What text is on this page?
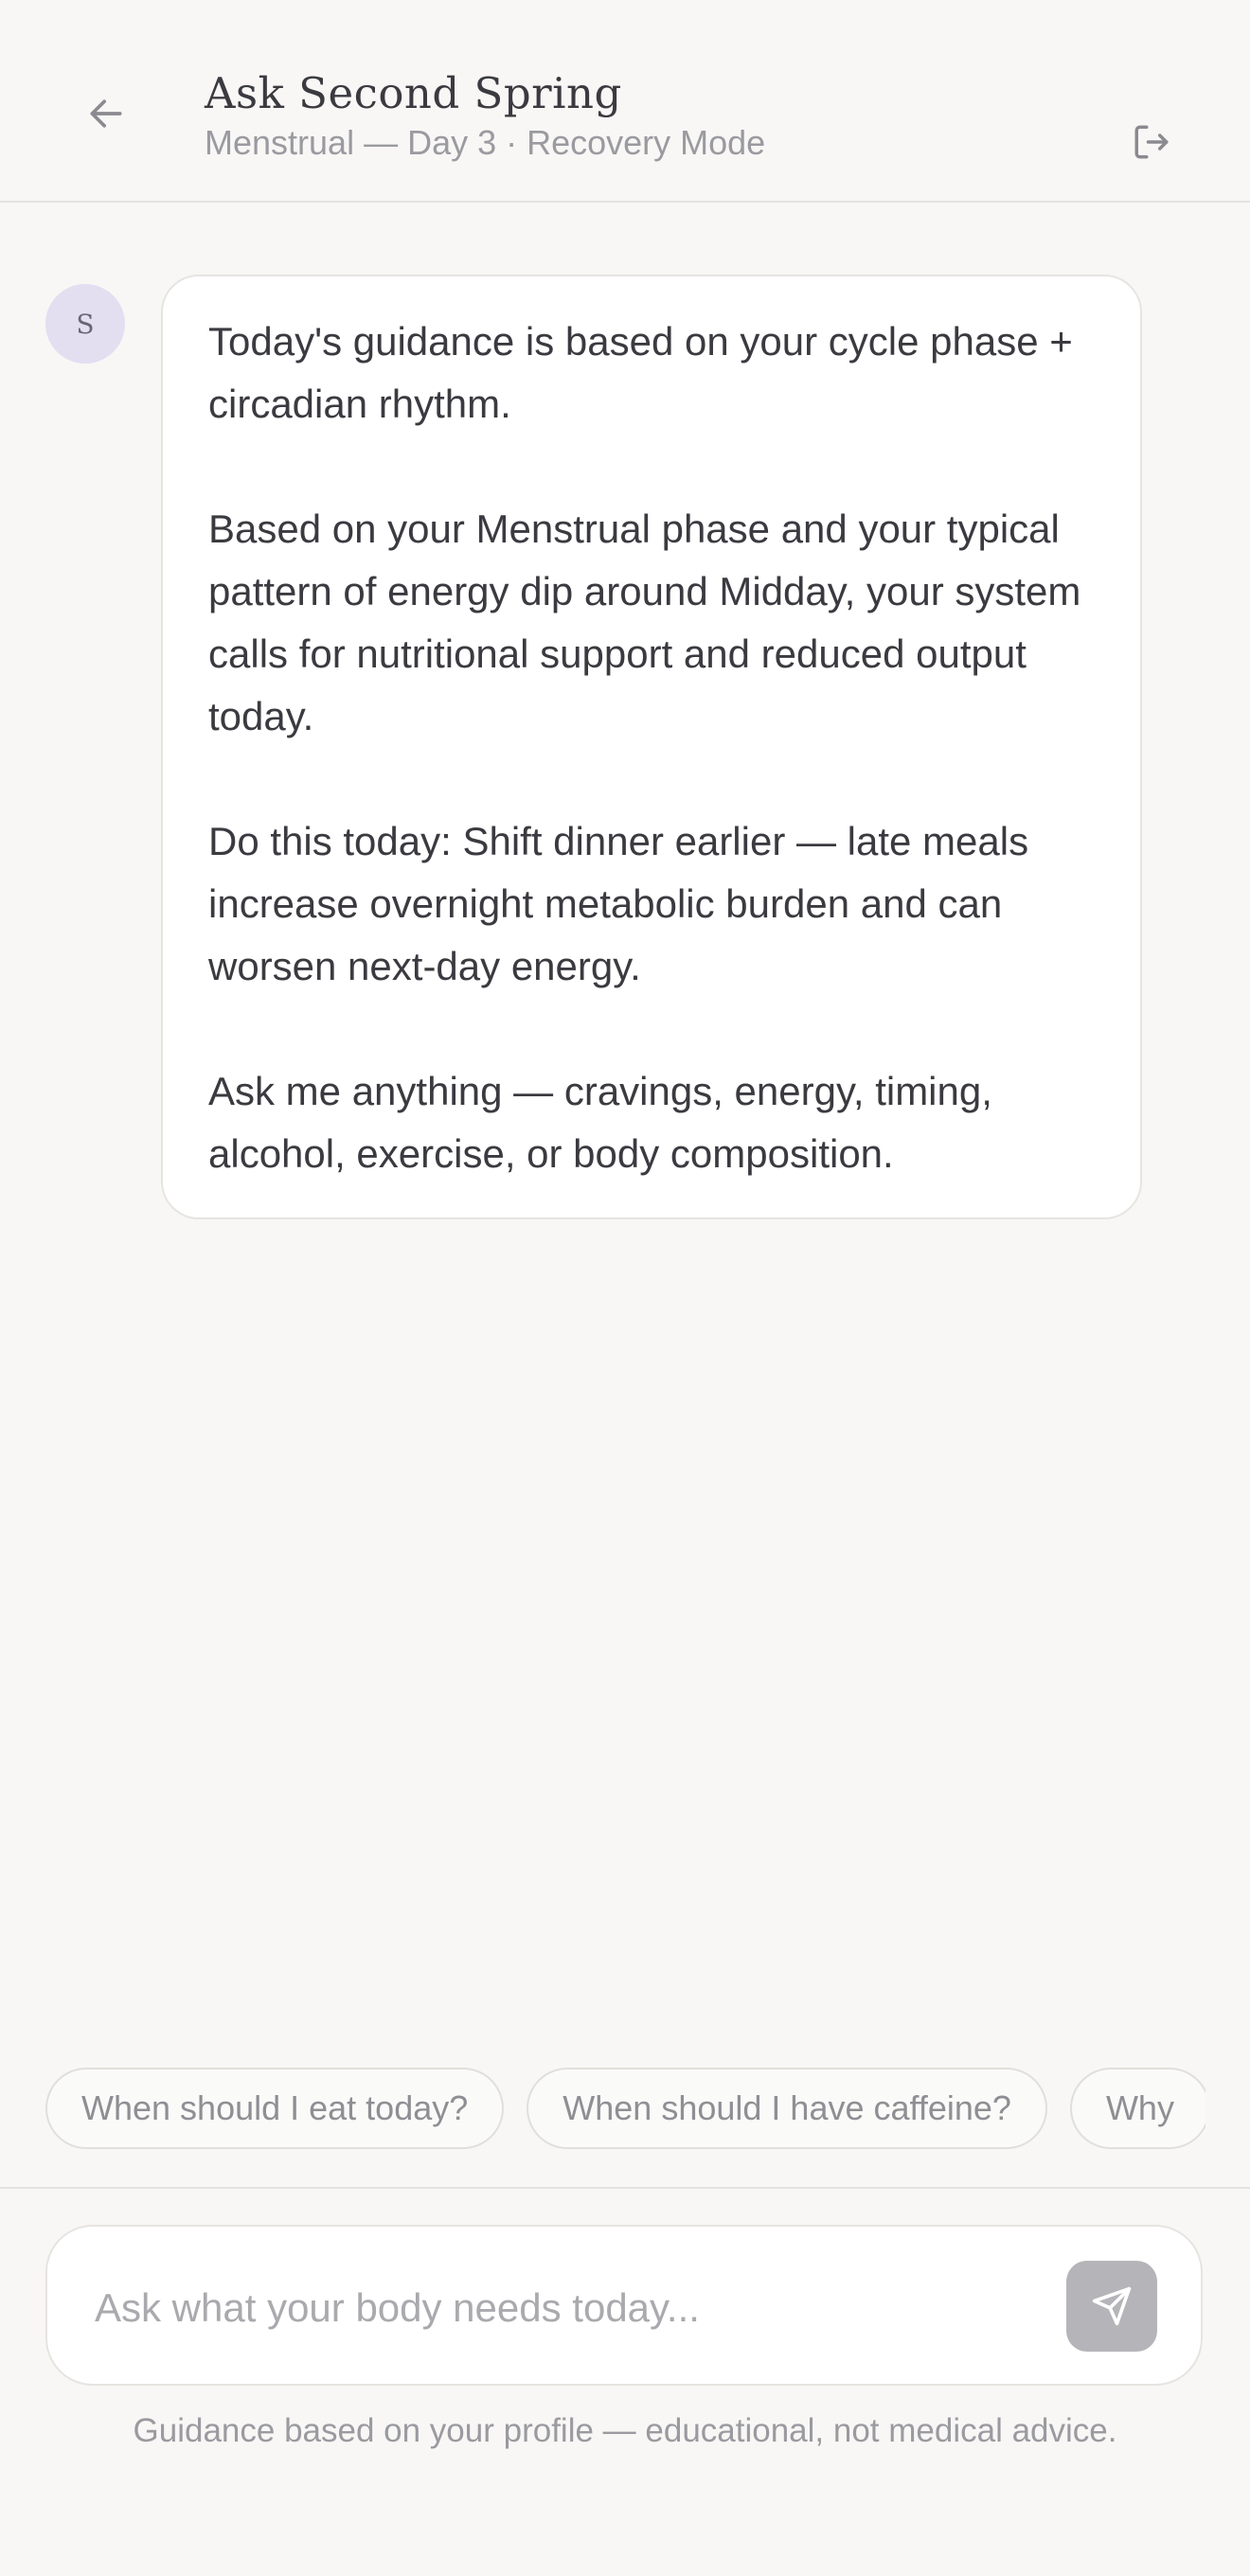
Ask Second Spring
Menstrual — Day 3 · Recovery Mode
S	Today's guidance is based on your cycle phase + circadian rhythm.

Based on your Menstrual phase and your typical pattern of energy dip around Midday, your system calls for nutritional support and reduced output today.

Do this today: Shift dinner earlier — late meals increase overnight metabolic burden and can worsen next-day energy.

Ask me anything — cravings, energy, timing, alcohol, exercise, or body composition.

When should I eat today?	When should I have caffeine?	Why
Ask what your body needs today...
Guidance based on your profile — educational, not medical advice.
